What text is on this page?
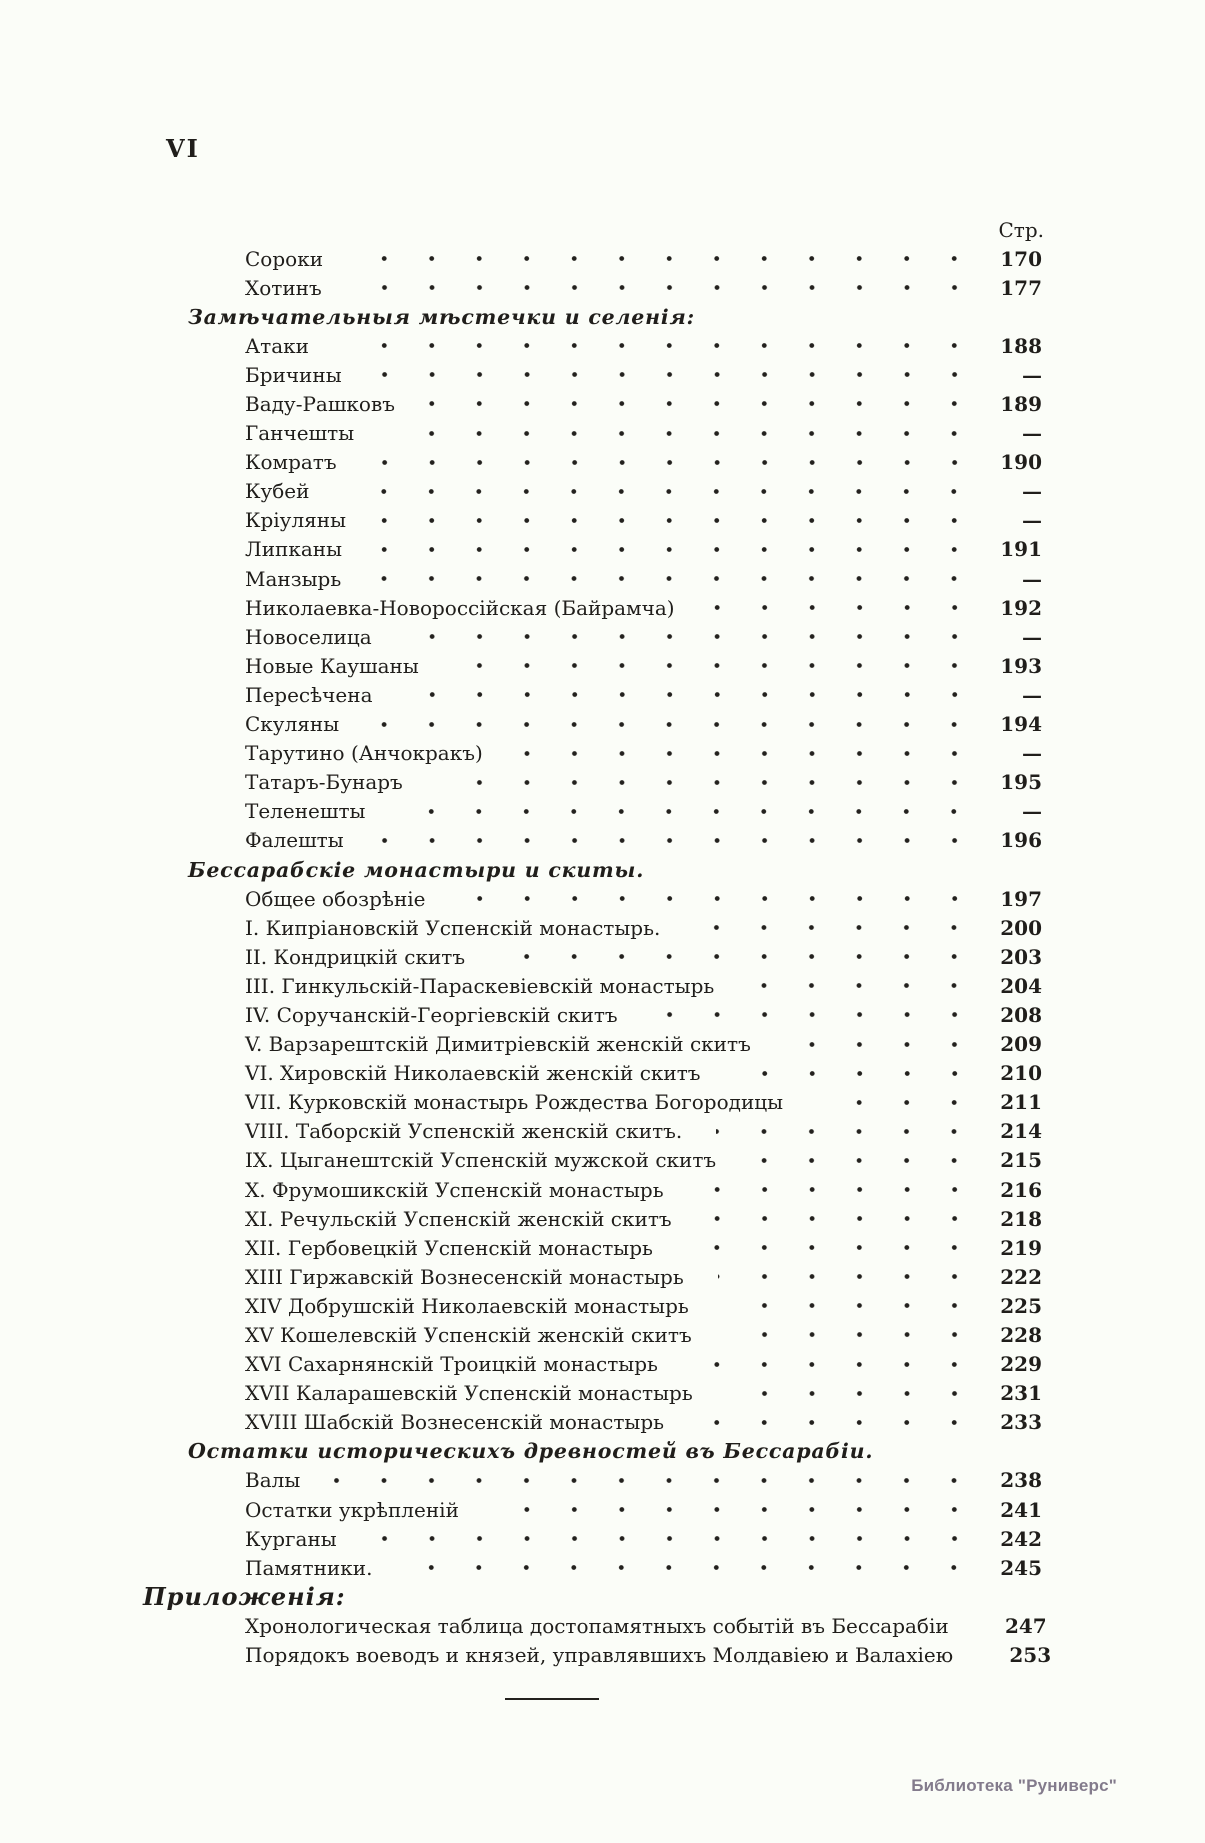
VI
Стр.
Сороки	170
Хотинъ	177
Замѣчательныя мѣстечки и селенія:
Атаки	188
Бричины	—
Ваду-Рашковъ	189
Ганчешты	—
Комратъ	190
Кубей	—
Кріуляны	—
Липканы	191
Манзырь	—
Николаевка-Новороссійская (Байрамча)	192
Новоселица	—
Новые Каушаны	193
Пересѣчена	—
Скуляны	194
Тарутино (Анчокракъ)	—
Татаръ-Бунаръ	195
Теленешты	—
Фалешты	196
Бессарабскіе монастыри и скиты.
Общее обозрѣніе	197
I. Кипріановскій Успенскій монастырь.	200
II. Кондрицкій скитъ	203
III. Гинкульскій-Параскевіевскій монастырь	204
IV. Соручанскій-Георгіевскій скитъ	208
V. Варзарештскій Димитріевскій женскій скитъ	209
VI. Хировскій Николаевскій женскій скитъ	210
VII. Курковскій монастырь Рождества Богородицы	211
VIII. Таборскій Успенскій женскій скитъ.	214
IX. Цыганештскій Успенскій мужской скитъ	215
X. Фрумошикскій Успенскій монастырь	216
XI. Речульскій Успенскій женскій скитъ	218
XII. Гербовецкій Успенскій монастырь	219
XIII Гиржавскій Вознесенскій монастырь	222
XIV Добрушскій Николаевскій монастырь	225
XV Кошелевскій Успенскій женскій скитъ	228
XVI Сахарнянскій Троицкій монастырь	229
XVII Каларашевскій Успенскій монастырь	231
XVIII Шабскій Вознесенскій монастырь	233
Остатки историческихъ древностей въ Бессарабіи.
Валы	238
Остатки укрѣпленій	241
Курганы	242
Памятники.	245
Приложенія:
Хронологическая таблица достопамятныхъ событій въ Бессарабіи	247
Порядокъ воеводъ и князей, управлявшихъ Молдавіею и Валахіею	253
Библиотека "Руниверс"
